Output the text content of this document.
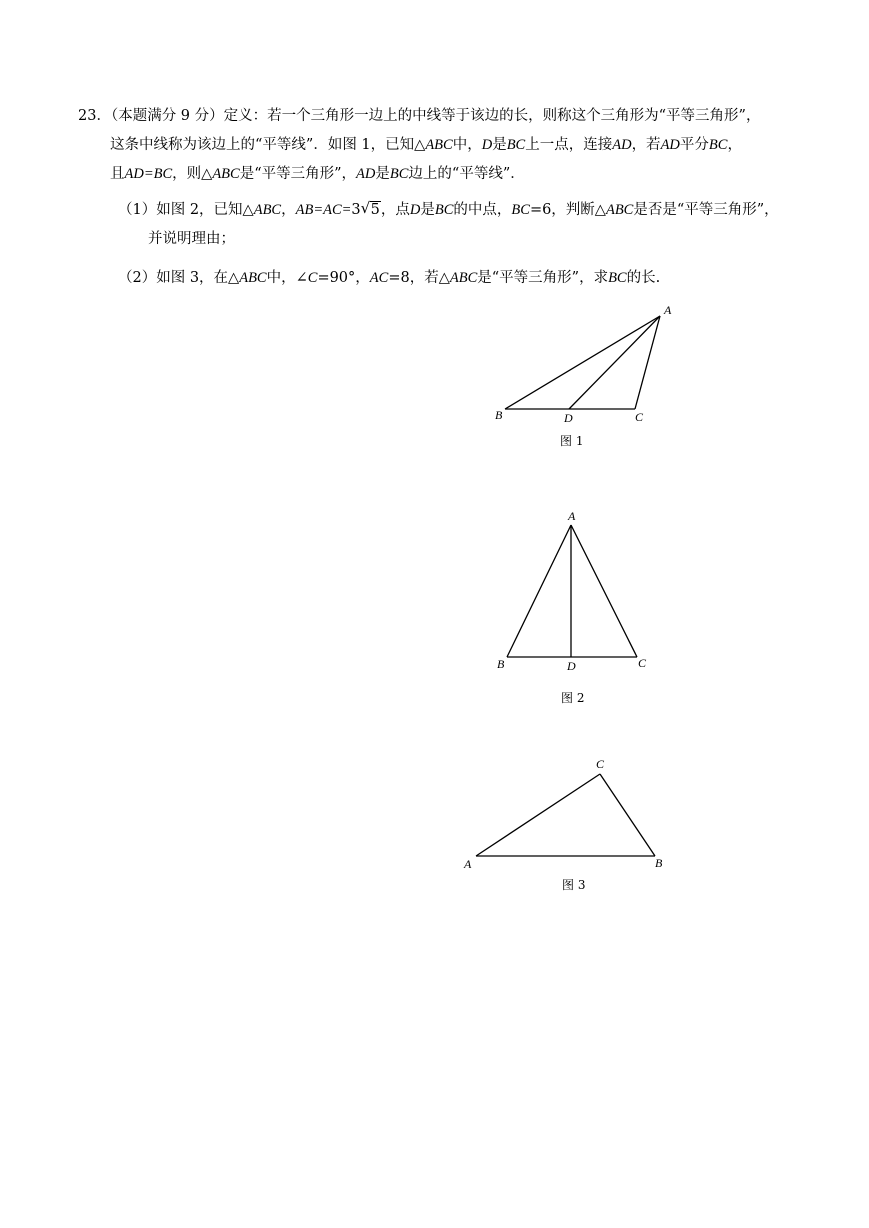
23．（本题满分 9 分）定义：若一个三角形一边上的中线等于该边的长，则称这个三角形为“平等三角形”，
这条中线称为该边上的“平等线”．如图 1，已知△ABC中，D是BC上一点，连接AD，若AD平分BC，
且AD=BC，则△ABC是“平等三角形”，AD是BC边上的“平等线”．
（1）如图 2，已知△ABC，AB=AC=3 √ 5，点D是BC的中点，BC=6，判断△ABC是否是“平等三角形”，
并说明理由；
（2）如图 3，在△ABC中，∠C=90°，AC=8，若△ABC是“平等三角形”，求BC的长.
A
B	D	C
图 1
A
B	D	C
图 2
C
A	B
图 3
